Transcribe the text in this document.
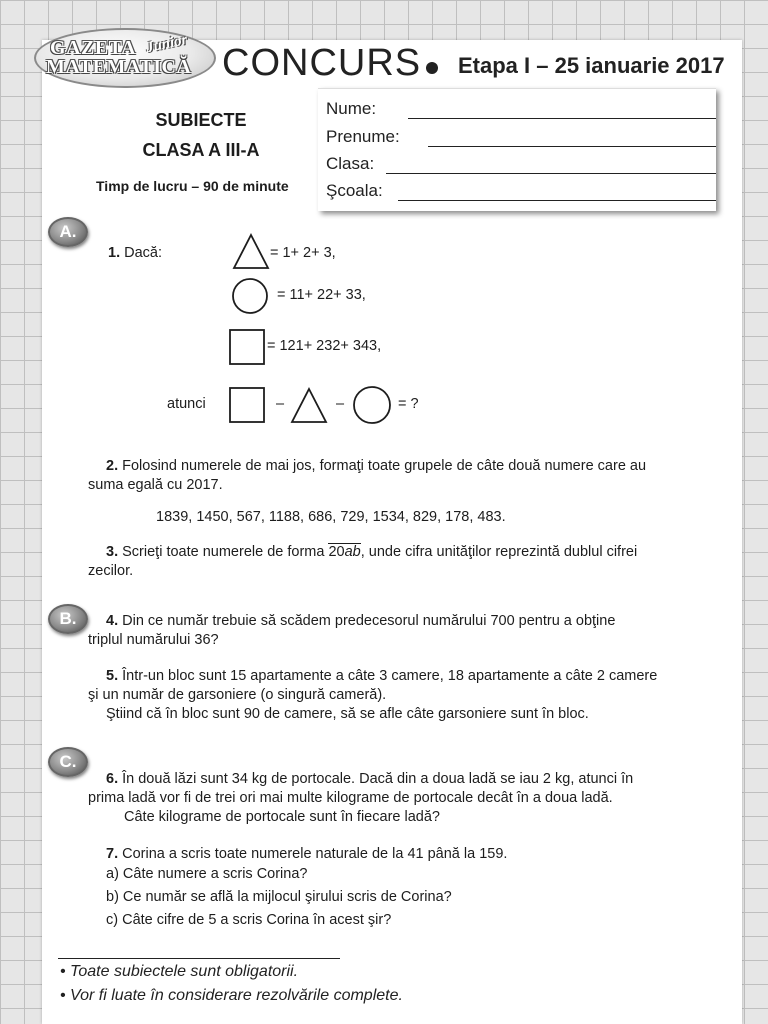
GAZETA
MATEMATICĂ
Junior CONCURS Etapa I – 25 ianuarie 2017
SUBIECTE
CLASA A III-A
Timp de lucru – 90 de minute
Nume:
Prenume:
Clasa:
Şcoala:
A.
1. Dacă:	= 1+ 2+ 3,
= 11+ 22+ 33,
= 121+ 232+ 343,
atunci	–	–	= ?
2. Folosind numerele de mai jos, formaţi toate grupele de câte două numere care au
suma egală cu 2017.
1839, 1450, 567, 1188, 686, 729, 1534, 829, 178, 483.
3. Scrieţi toate numerele de forma 20ab, unde cifra unităţilor reprezintă dublul cifrei
zecilor.
B.	4. Din ce număr trebuie să scădem predecesorul numărului 700 pentru a obţine
triplul numărului 36?
5. Într-un bloc sunt 15 apartamente a câte 3 camere, 18 apartamente a câte 2 camere
şi un număr de garsoniere (o singură cameră).
Ştiind că în bloc sunt 90 de camere, să se afle câte garsoniere sunt în bloc.
C.
6. În două lăzi sunt 34 kg de portocale. Dacă din a doua ladă se iau 2 kg, atunci în
prima ladă vor fi de trei ori mai multe kilograme de portocale decât în a doua ladă.
Câte kilograme de portocale sunt în fiecare ladă?
7. Corina a scris toate numerele naturale de la 41 până la 159.
a) Câte numere a scris Corina?
b) Ce număr se află la mijlocul şirului scris de Corina?
c) Câte cifre de 5 a scris Corina în acest şir?
• Toate subiectele sunt obligatorii.
• Vor fi luate în considerare rezolvările complete.
